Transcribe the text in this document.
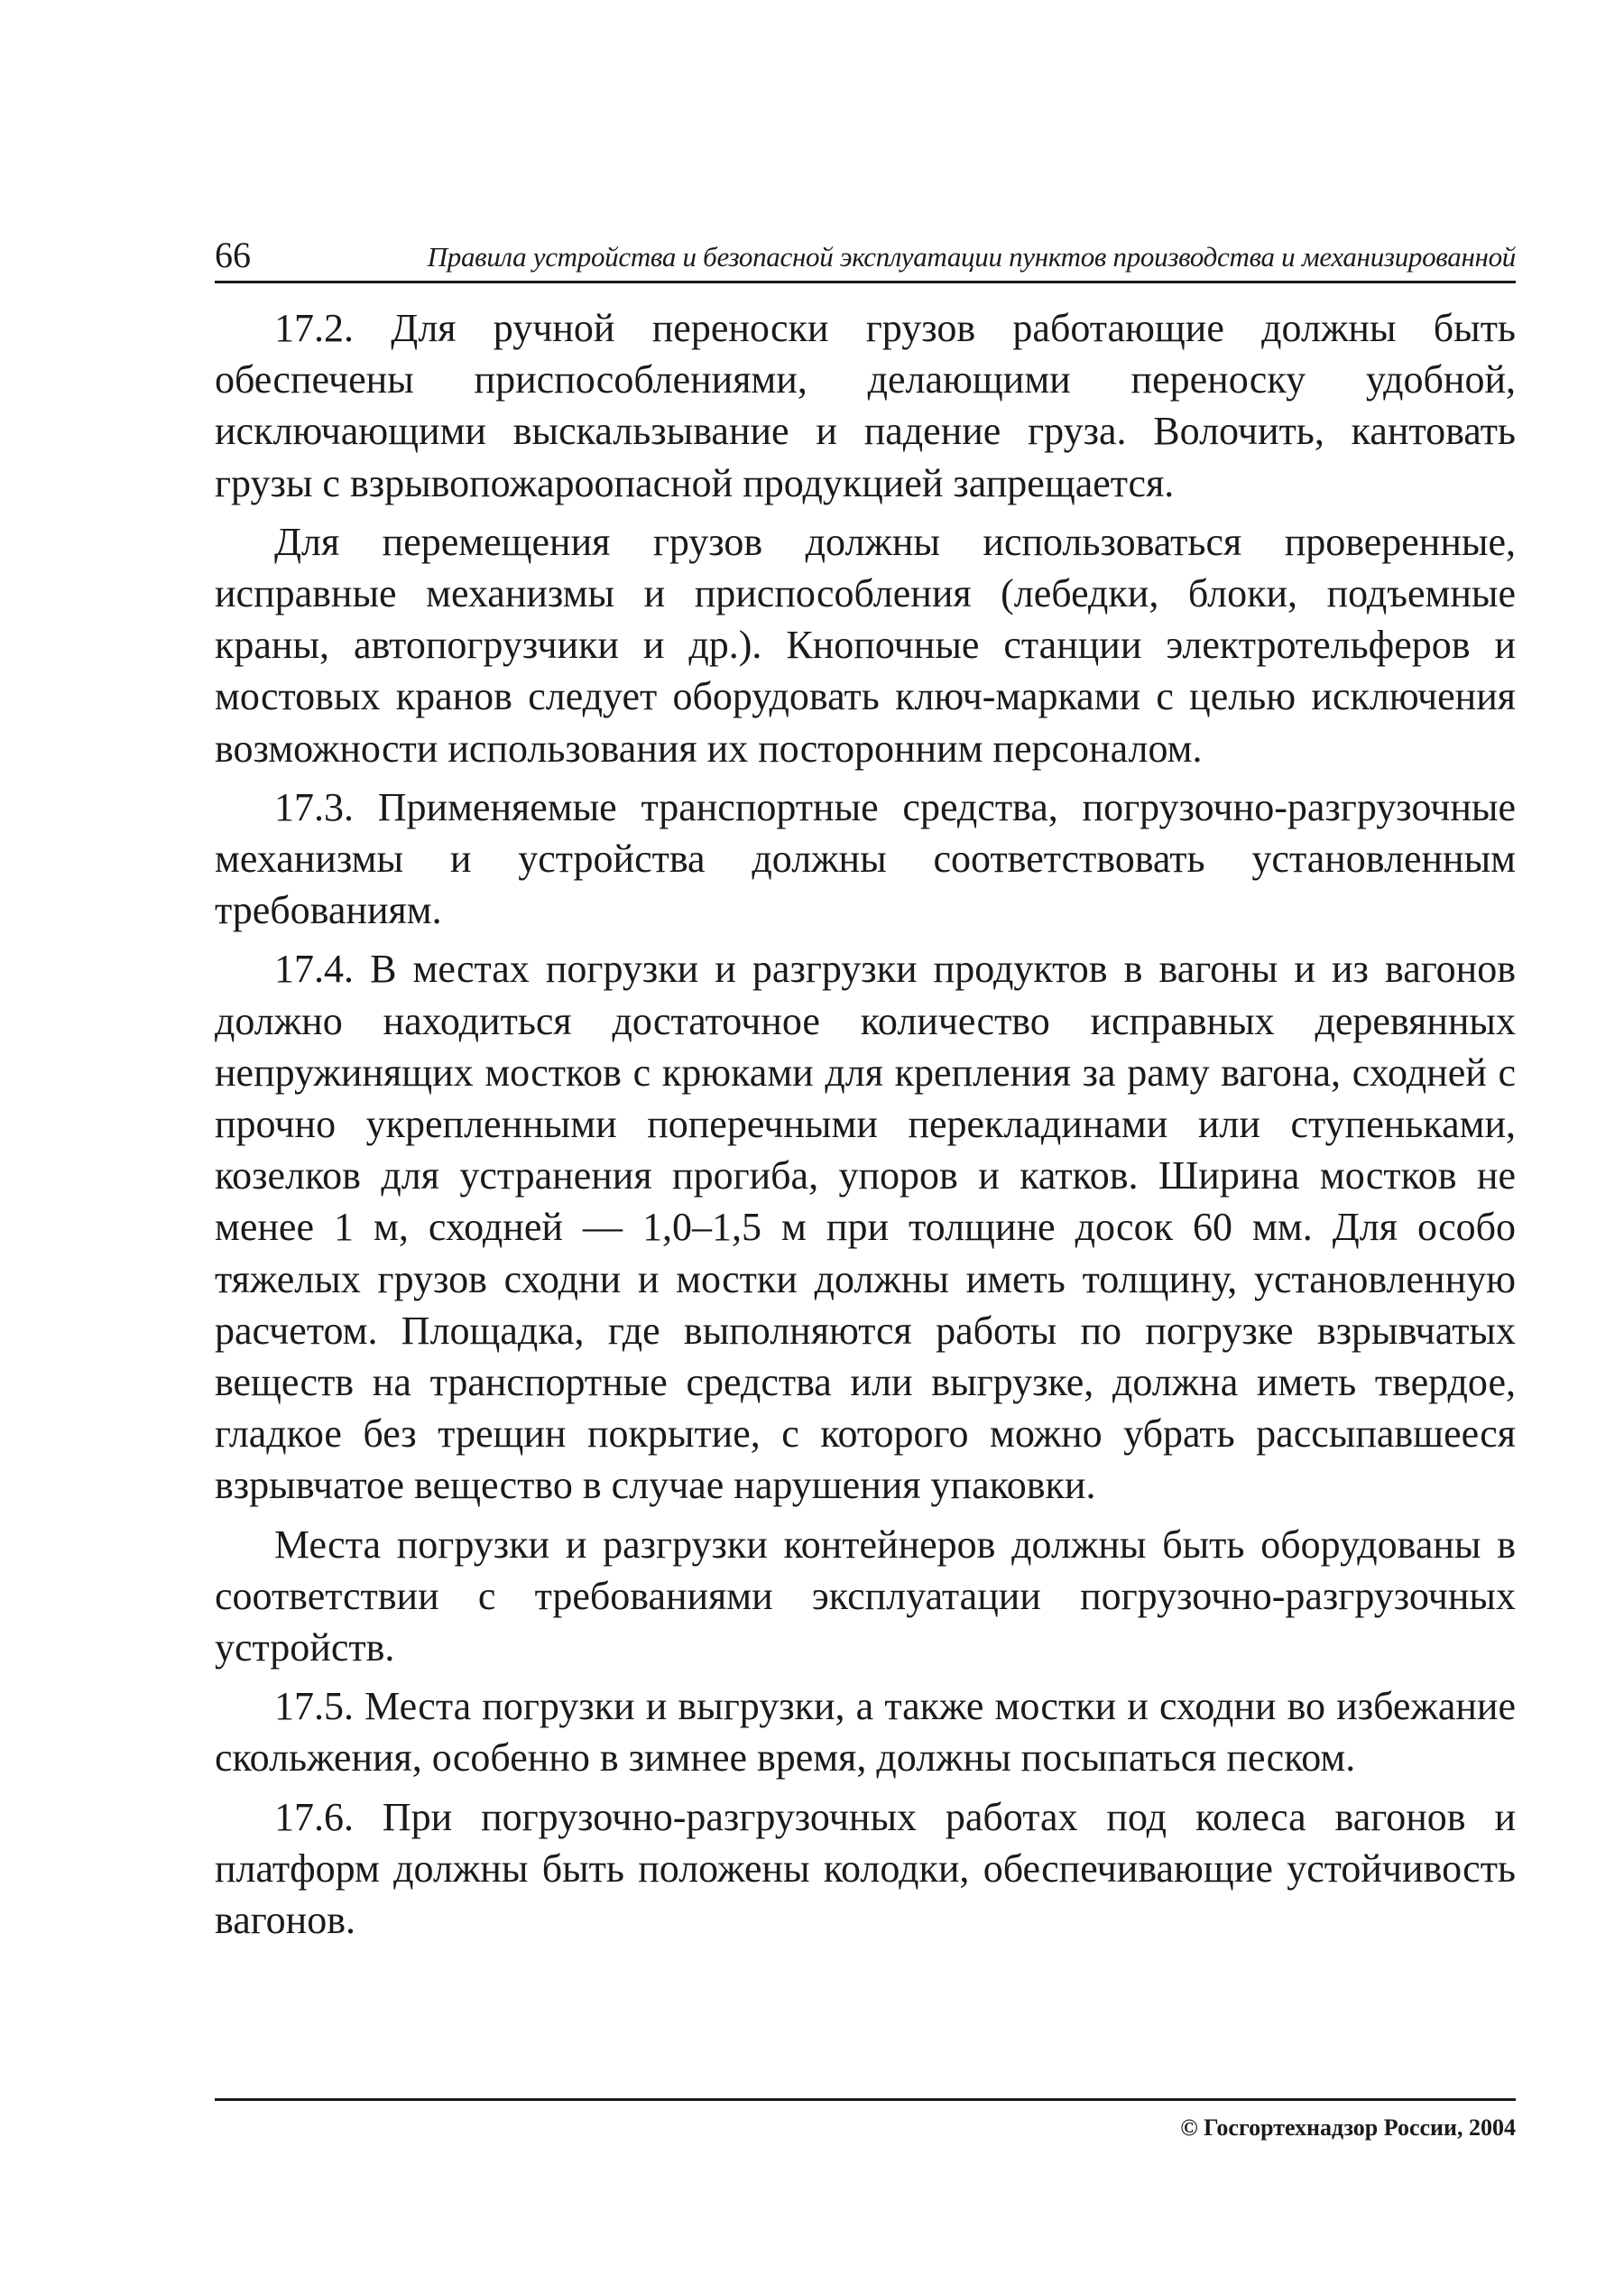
66	Правила устройства и безопасной эксплуатации пунктов производства и механизированной

17.2. Для ручной переноски грузов работающие должны быть обеспечены приспособлениями, делающими переноску удобной, исключающими выскальзывание и падение груза. Волочить, кантовать грузы с взрывопожароопасной продукцией запрещается.

Для перемещения грузов должны использоваться проверенные, исправные механизмы и приспособления (лебедки, блоки, подъемные краны, автопогрузчики и др.). Кнопочные станции электротельферов и мостовых кранов следует оборудовать ключ-марками с целью исключения возможности использования их посторонним персоналом.

17.3. Применяемые транспортные средства, погрузочно-разгрузочные механизмы и устройства должны соответствовать установленным требованиям.

17.4. В местах погрузки и разгрузки продуктов в вагоны и из вагонов должно находиться достаточное количество исправных деревянных непружинящих мостков с крюками для крепления за раму вагона, сходней с прочно укрепленными поперечными перекладинами или ступеньками, козелков для устранения прогиба, упоров и катков. Ширина мостков не менее 1 м, сходней — 1,0–1,5 м при толщине досок 60 мм. Для особо тяжелых грузов сходни и мостки должны иметь толщину, установленную расчетом. Площадка, где выполняются работы по погрузке взрывчатых веществ на транспортные средства или выгрузке, должна иметь твердое, гладкое без трещин покрытие, с которого можно убрать рассыпавшееся взрывчатое вещество в случае нарушения упаковки.

Места погрузки и разгрузки контейнеров должны быть оборудованы в соответствии с требованиями эксплуатации погрузочно-разгрузочных устройств.

17.5. Места погрузки и выгрузки, а также мостки и сходни во избежание скольжения, особенно в зимнее время, должны посыпаться песком.

17.6. При погрузочно-разгрузочных работах под колеса вагонов и платформ должны быть положены колодки, обеспечивающие устойчивость вагонов.

© Госгортехнадзор России, 2004
